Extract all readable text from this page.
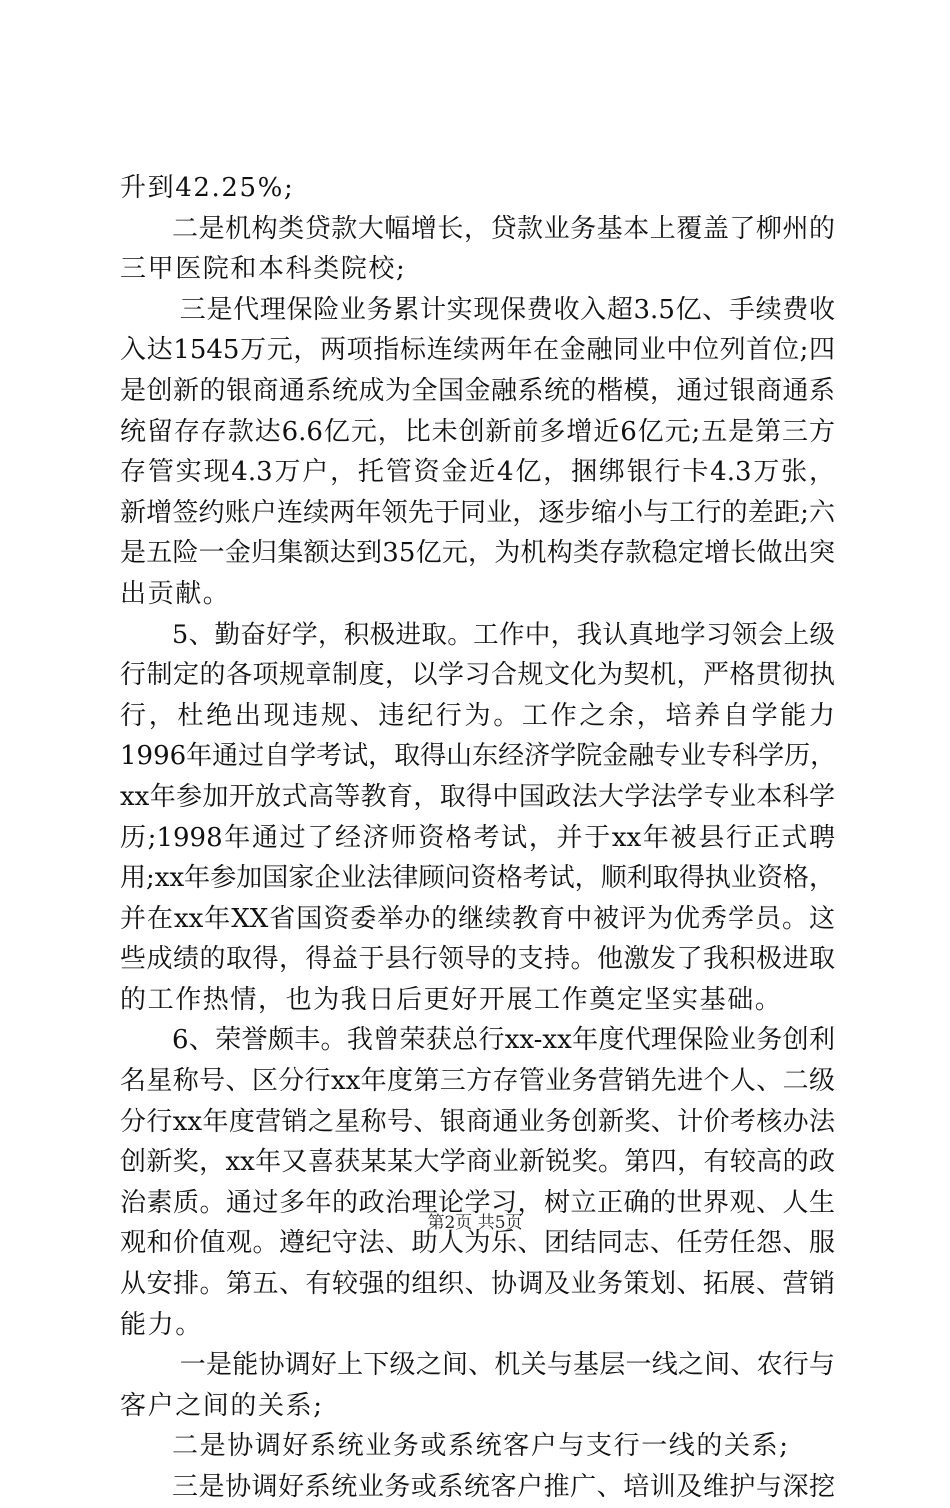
升到42.25%;
二是机构类贷款大幅增长，贷款业务基本上覆盖了柳州的
三甲医院和本科类院校;
三是代理保险业务累计实现保费收入超3.5亿、手续费收
入达1545万元，两项指标连续两年在金融同业中位列首位;四
是创新的银商通系统成为全国金融系统的楷模，通过银商通系
统留存存款达6.6亿元，比未创新前多增近6亿元;五是第三方
存管实现4.3万户，托管资金近4亿，捆绑银行卡4.3万张，
新增签约账户连续两年领先于同业，逐步缩小与工行的差距;六
是五险一金归集额达到35亿元，为机构类存款稳定增长做出突
出贡献。
5、勤奋好学，积极进取。工作中，我认真地学习领会上级
行制定的各项规章制度，以学习合规文化为契机，严格贯彻执
行，杜绝出现违规、违纪行为。工作之余，培养自学能力
1996年通过自学考试，取得山东经济学院金融专业专科学历，
xx年参加开放式高等教育，取得中国政法大学法学专业本科学
历;1998年通过了经济师资格考试，并于xx年被县行正式聘
用;xx年参加国家企业法律顾问资格考试，顺利取得执业资格，
并在xx年XX省国资委举办的继续教育中被评为优秀学员。这
些成绩的取得，得益于县行领导的支持。他激发了我积极进取
的工作热情，也为我日后更好开展工作奠定坚实基础。
6、荣誉颇丰。我曾荣获总行xx-xx年度代理保险业务创利
名星称号、区分行xx年度第三方存管业务营销先进个人、二级
分行xx年度营销之星称号、银商通业务创新奖、计价考核办法
创新奖，xx年又喜获某某大学商业新锐奖。第四，有较高的政
治素质。通过多年的政治理论学习，树立正确的世界观、人生
观和价值观。遵纪守法、助人为乐、团结同志、任劳任怨、服
从安排。第五、有较强的组织、协调及业务策划、拓展、营销
能力。
一是能协调好上下级之间、机关与基层一线之间、农行与
客户之间的关系;
二是协调好系统业务或系统客户与支行一线的关系;
三是协调好系统业务或系统客户推广、培训及维护与深挖
第2页 共5页
